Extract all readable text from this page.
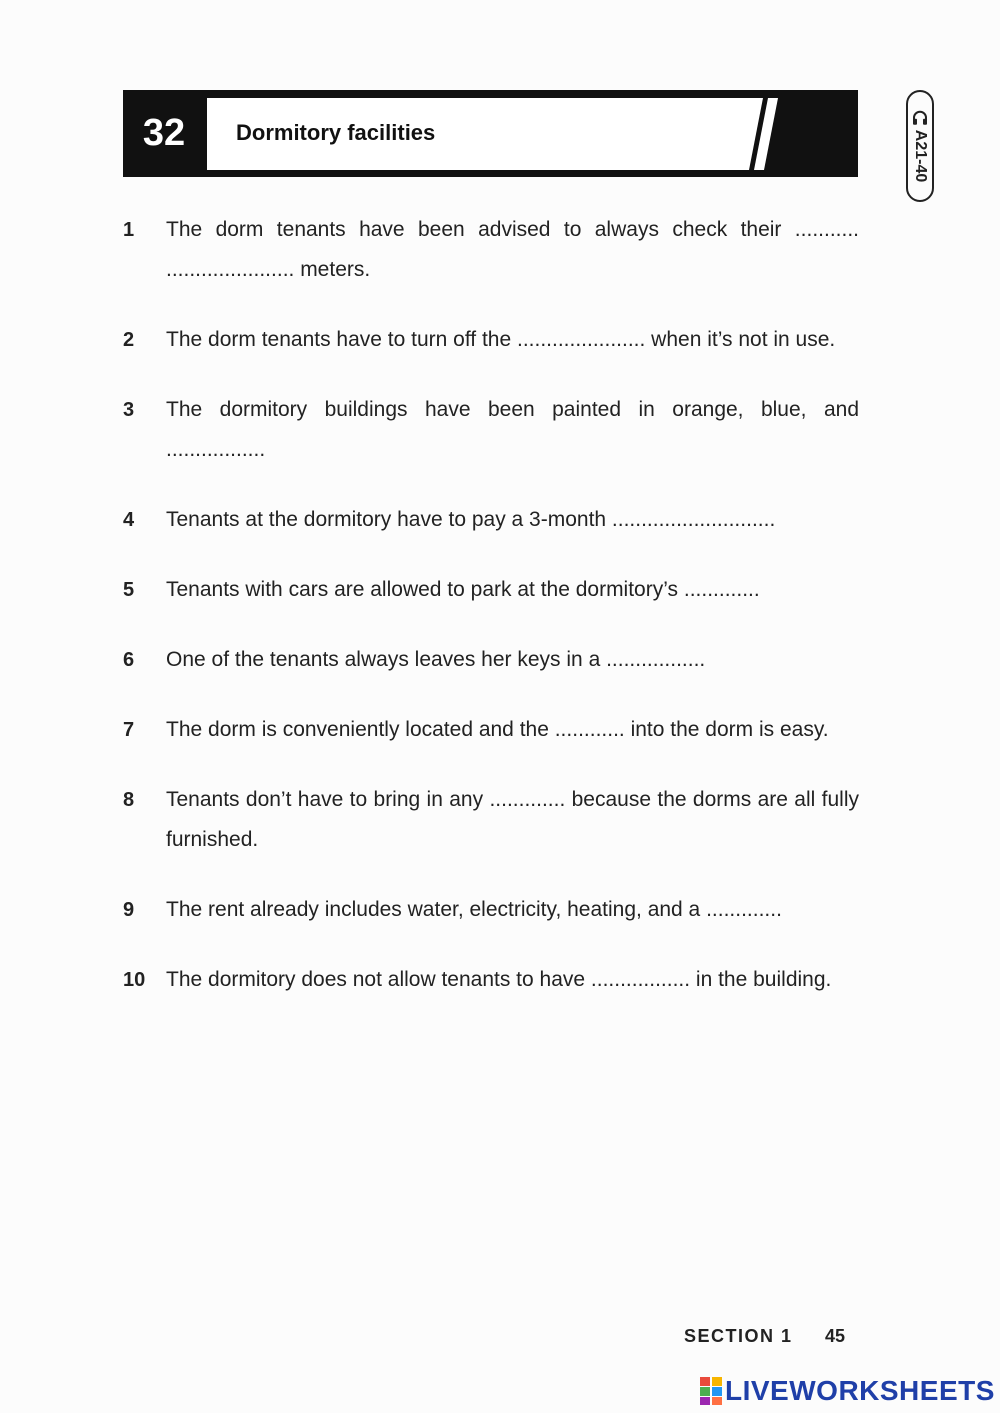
32	Dormitory facilities	A21-40
1 The dorm tenants have been advised to always check their ........... ...................... meters.
2 The dorm tenants have to turn off the ...................... when it’s not in use.
3 The dormitory buildings have been painted in orange, blue, and .................
4 Tenants at the dormitory have to pay a 3-month ............................
5 Tenants with cars are allowed to park at the dormitory’s .............
6 One of the tenants always leaves her keys in a .................
7 The dorm is conveniently located and the ............ into the dorm is easy.
8 Tenants don’t have to bring in any ............. because the dorms are all fully furnished.
9 The rent already includes water, electricity, heating, and a .............
10 The dormitory does not allow tenants to have ................. in the building.
SECTION 1 45
LIVEWORKSHEETS
